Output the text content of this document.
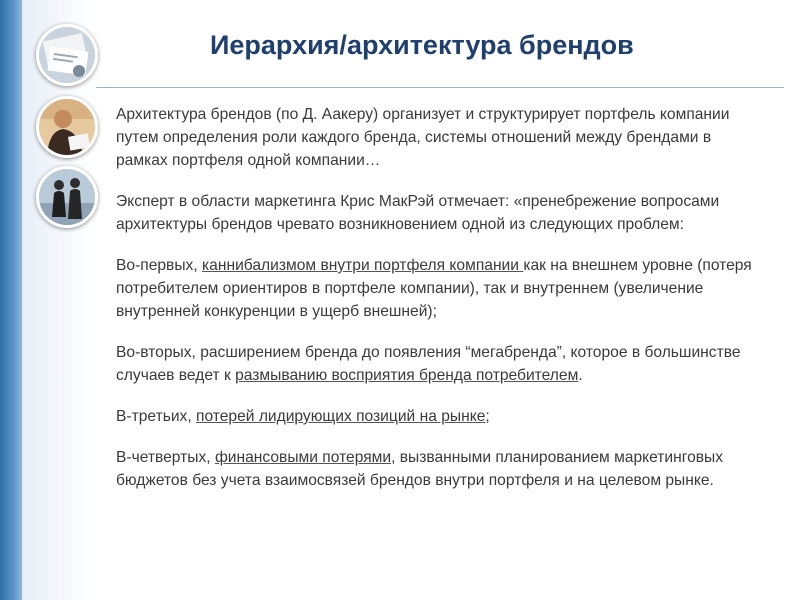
Иерархия/архитектура брендов

Архитектура брендов (по Д. Аакеру) организует и структурирует портфель компании путем определения роли каждого бренда, системы отношений между брендами в рамках портфеля одной компании…

Эксперт в области маркетинга Крис МакРэй отмечает: «пренебрежение вопросами архитектуры брендов чревато возникновением одной из следующих проблем:

Во-первых, каннибализмом внутри портфеля компании как на внешнем уровне (потеря потребителем ориентиров в портфеле компании), так и внутреннем (увеличение внутренней конкуренции в ущерб внешней);

Во-вторых, расширением бренда до появления “мегабренда”, которое в большинстве случаев ведет к размыванию восприятия бренда потребителем.

В-третьих, потерей лидирующих позиций на рынке;

В-четвертых, финансовыми потерями, вызванными планированием маркетинговых бюджетов без учета взаимосвязей брендов внутри портфеля и на целевом рынке.
